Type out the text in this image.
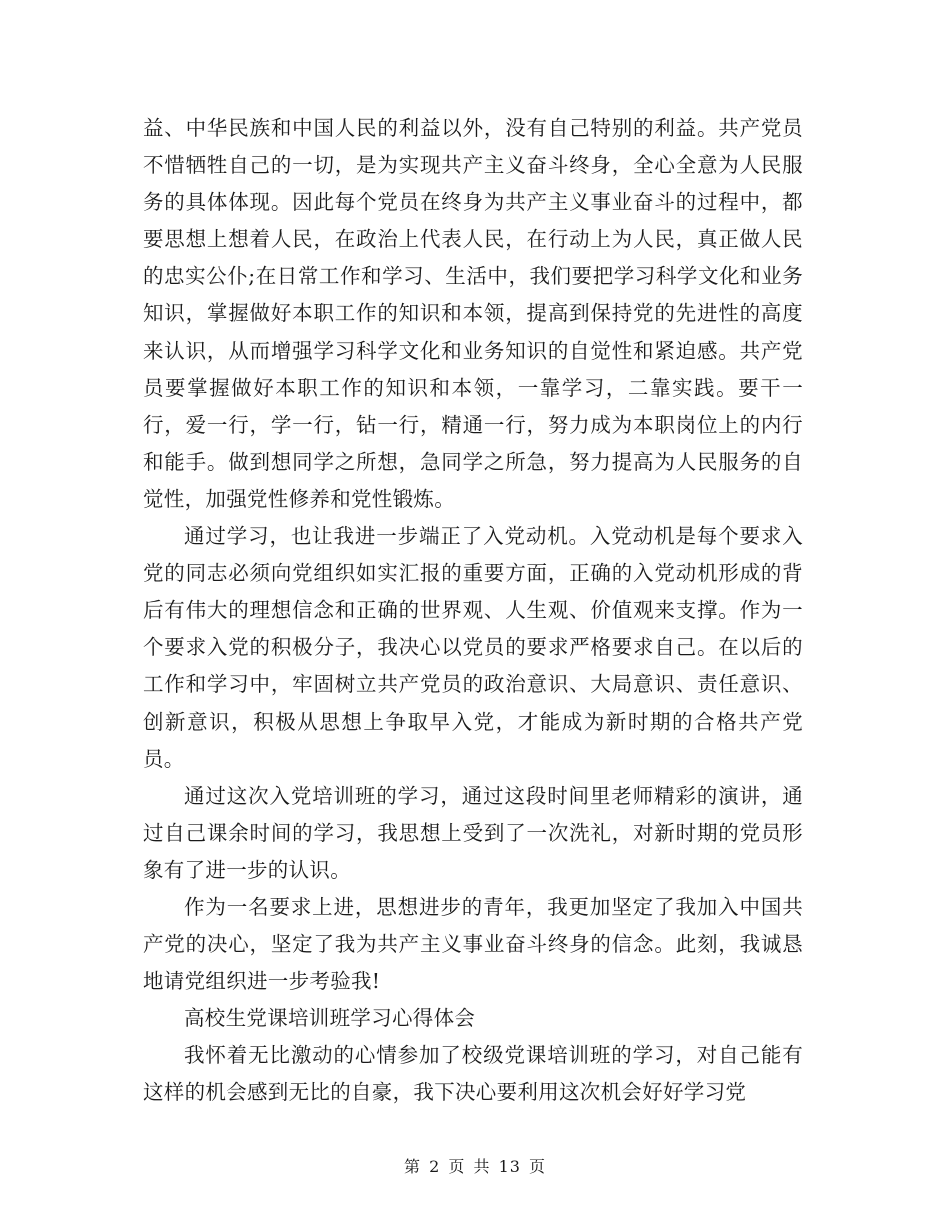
益、中华民族和中国人民的利益以外，没有自己特别的利益。共产党员不惜牺牲自己的一切，是为实现共产主义奋斗终身，全心全意为人民服务的具体体现。因此每个党员在终身为共产主义事业奋斗的过程中，都要思想上想着人民，在政治上代表人民，在行动上为人民，真正做人民的忠实公仆;在日常工作和学习、生活中，我们要把学习科学文化和业务知识，掌握做好本职工作的知识和本领，提高到保持党的先进性的高度来认识，从而增强学习科学文化和业务知识的自觉性和紧迫感。共产党员要掌握做好本职工作的知识和本领，一靠学习，二靠实践。要干一行，爱一行，学一行，钻一行，精通一行，努力成为本职岗位上的内行和能手。做到想同学之所想，急同学之所急，努力提高为人民服务的自觉性，加强党性修养和党性锻炼。

通过学习，也让我进一步端正了入党动机。入党动机是每个要求入党的同志必须向党组织如实汇报的重要方面，正确的入党动机形成的背后有伟大的理想信念和正确的世界观、人生观、价值观来支撑。作为一个要求入党的积极分子，我决心以党员的要求严格要求自己。在以后的工作和学习中，牢固树立共产党员的政治意识、大局意识、责任意识、创新意识，积极从思想上争取早入党，才能成为新时期的合格共产党员。

通过这次入党培训班的学习，通过这段时间里老师精彩的演讲，通过自己课余时间的学习，我思想上受到了一次洗礼，对新时期的党员形象有了进一步的认识。

作为一名要求上进，思想进步的青年，我更加坚定了我加入中国共产党的决心，坚定了我为共产主义事业奋斗终身的信念。此刻，我诚恳地请党组织进一步考验我!

高校生党课培训班学习心得体会

我怀着无比激动的心情参加了校级党课培训班的学习，对自己能有这样的机会感到无比的自豪，我下决心要利用这次机会好好学习党

第 2 页 共 13 页
